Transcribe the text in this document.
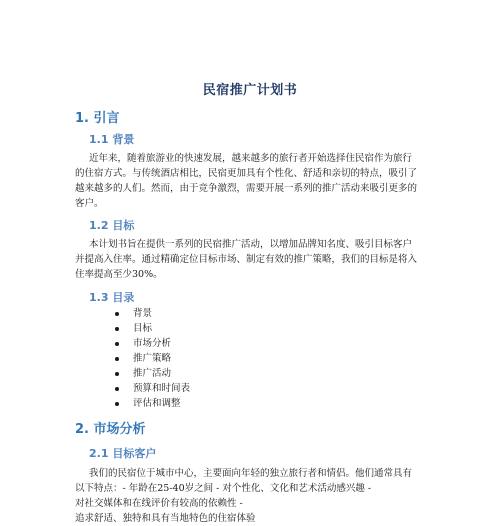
民宿推广计划书
1. 引言
1.1 背景
近年来，随着旅游业的快速发展，越来越多的旅行者开始选择住民宿作为旅行
的住宿方式。与传统酒店相比，民宿更加具有个性化、舒适和亲切的特点，吸引了
越来越多的人们。然而，由于竞争激烈，需要开展一系列的推广活动来吸引更多的
客户。
1.2 目标
本计划书旨在提供一系列的民宿推广活动，以增加品牌知名度、吸引目标客户
并提高入住率。通过精确定位目标市场、制定有效的推广策略，我们的目标是将入
住率提高至少30%。
1.3 目录
背景
目标
市场分析
推广策略
推广活动
预算和时间表
评估和调整
2. 市场分析
2.1 目标客户
我们的民宿位于城市中心，主要面向年轻的独立旅行者和情侣。他们通常具有
以下特点：- 年龄在25-40岁之间 - 对个性化、文化和艺术活动感兴趣 -
对社交媒体和在线评价有较高的依赖性 -
追求舒适、独特和具有当地特色的住宿体验
